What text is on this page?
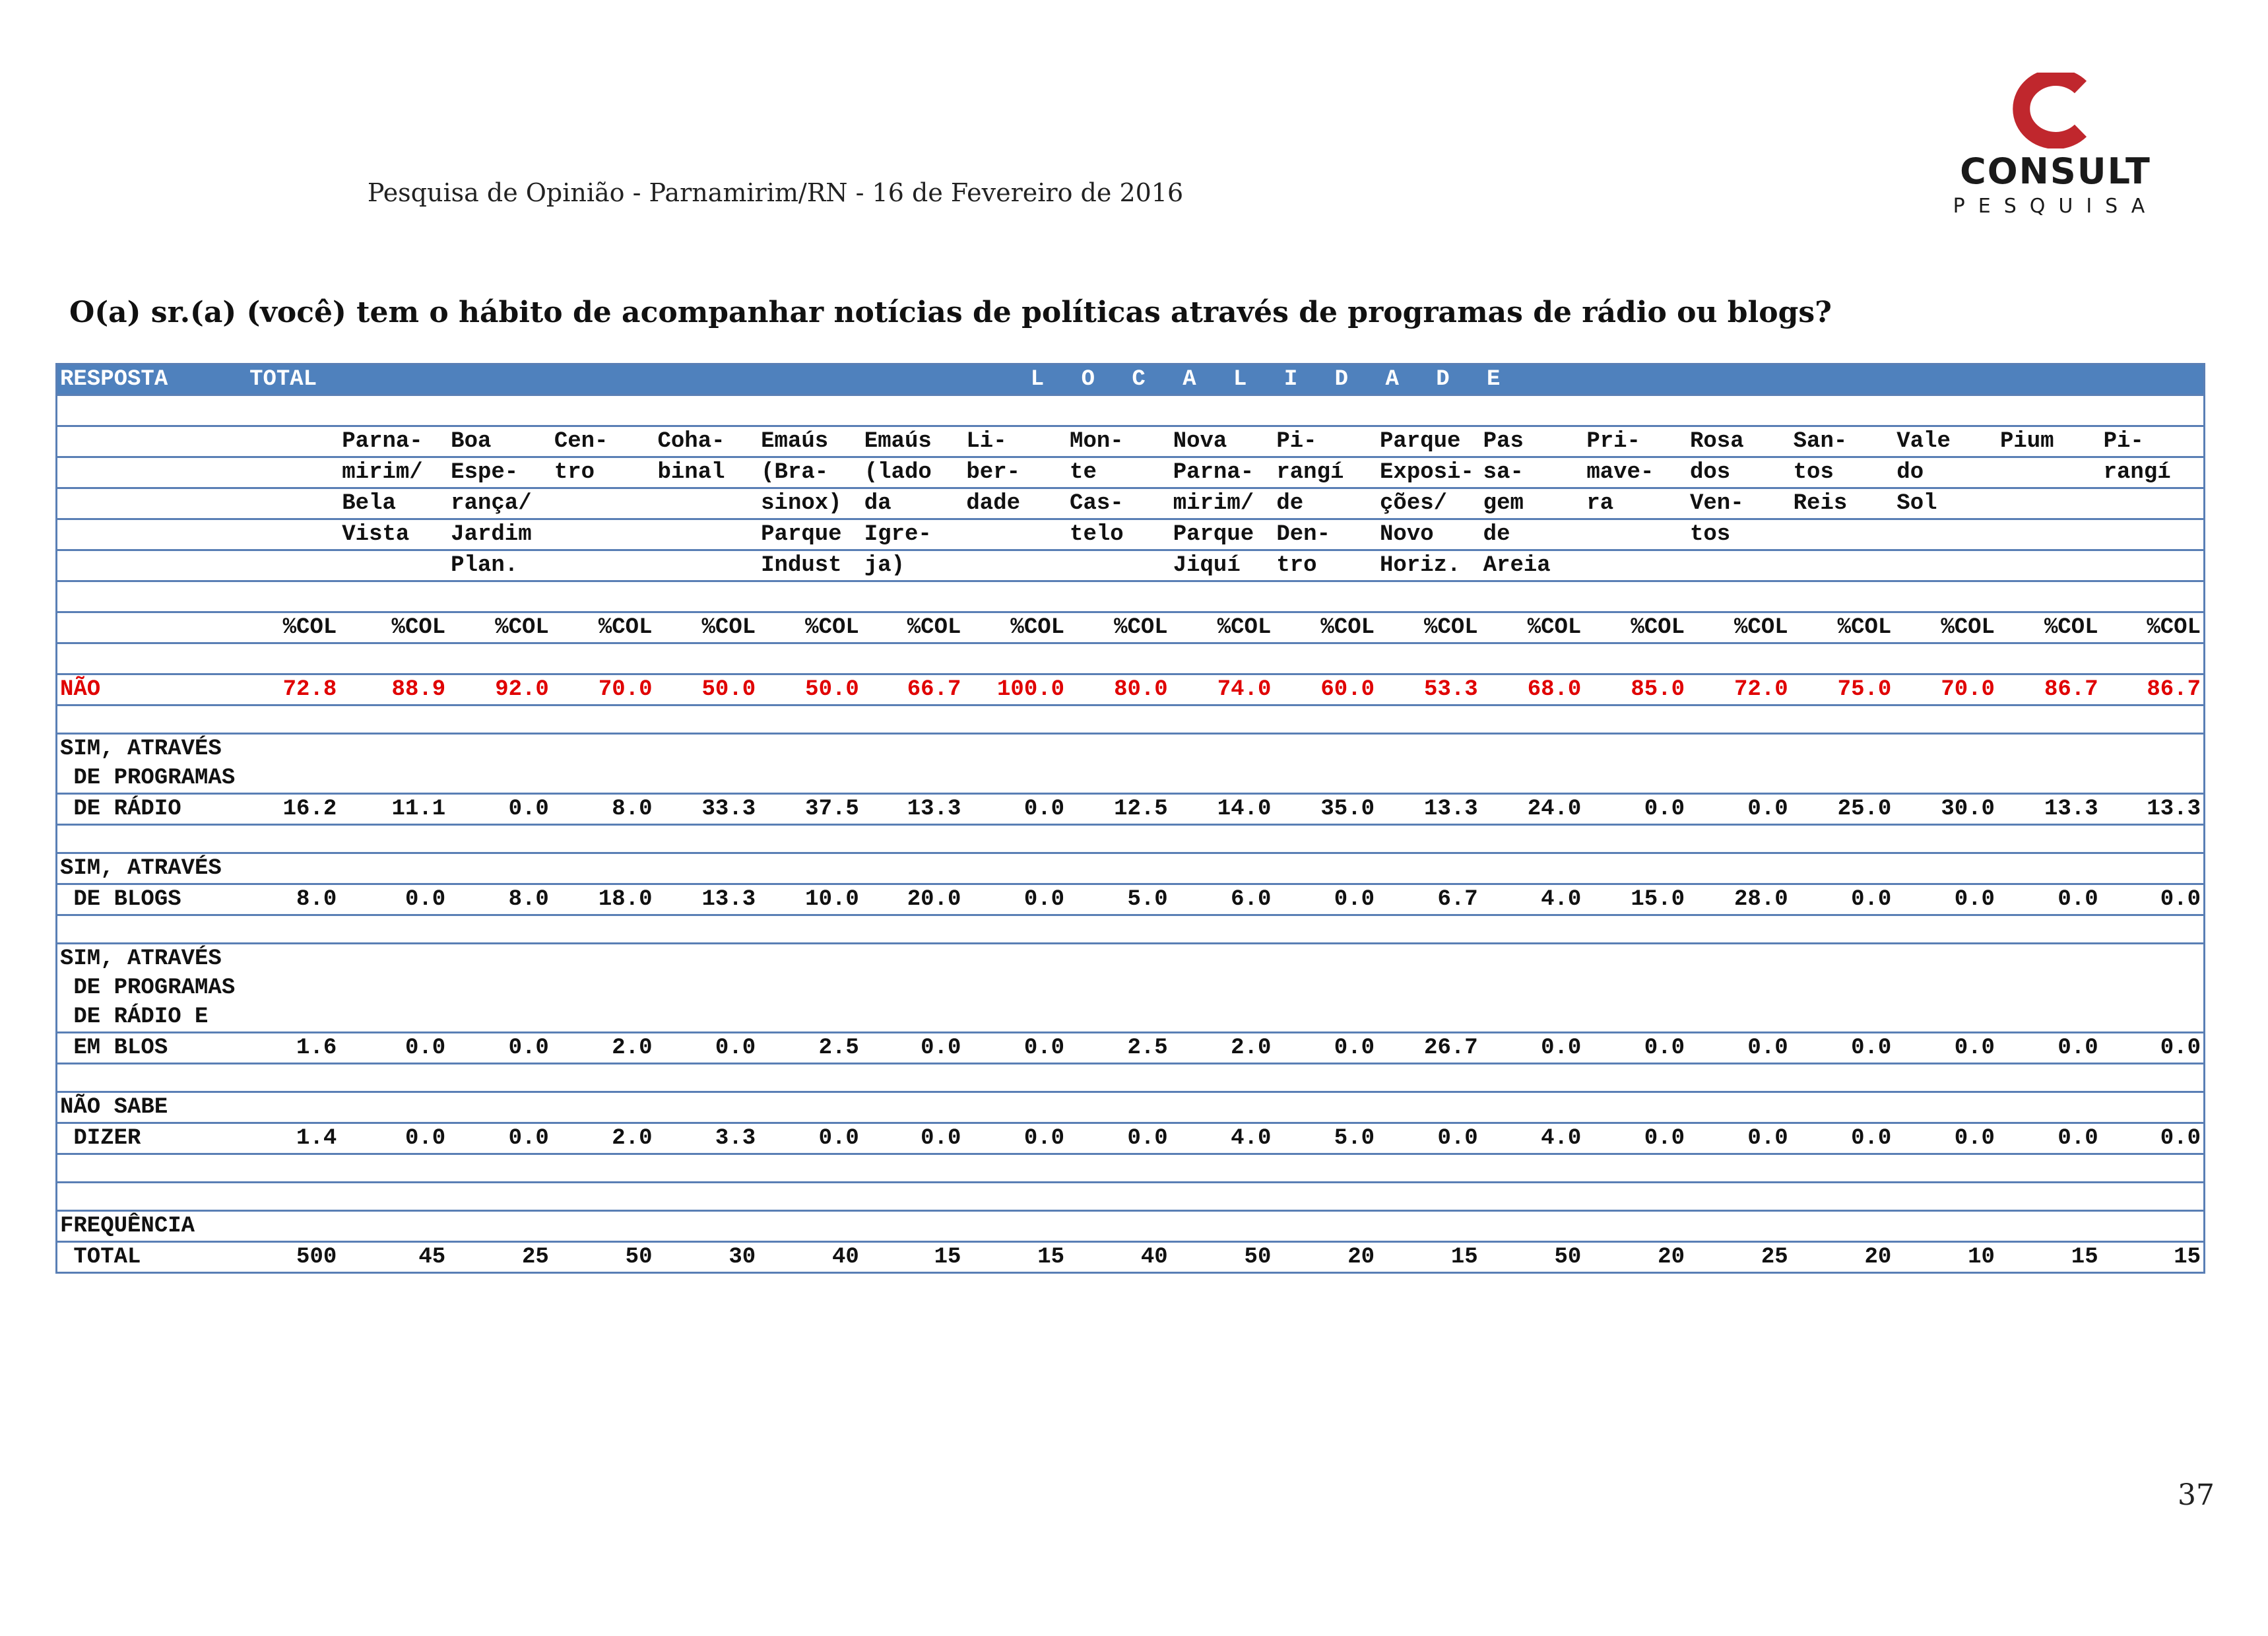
Pesquisa de Opinião - Parnamirim/RN - 16 de Fevereiro de 2016
CONSULT
PESQUISA
O(a) sr.(a) (você) tem o hábito de acompanhar notícias de políticas através de programas de rádio ou blogs?
RESPOSTA	TOTAL	L O C A L I D A D E																	

		Parna-	Boa	Cen-	Coha-	Emaús	Emaús	Li-	Mon-	Nova	Pi-	Parque	Pas	Pri-	Rosa	San-	Vale	Pium	Pi-
		mirim/	Espe-	tro	binal	(Bra-	(lado	ber-	te	Parna-	rangí	Exposi-	sa-	mave-	dos	tos	do		rangí
		Bela	rança/			sinox)	da	dade	Cas-	mirim/	de	ções/	gem	ra	Ven-	Reis	Sol		
		Vista	Jardim			Parque	Igre-		telo	Parque	Den-	Novo	de		tos				
			Plan.			Indust	ja)			Jiquí	tro	Horiz.	Areia						

	%COL	%COL	%COL	%COL	%COL	%COL	%COL	%COL	%COL	%COL	%COL	%COL	%COL	%COL	%COL	%COL	%COL	%COL	%COL

NÃO	72.8	88.9	92.0	70.0	50.0	50.0	66.7	100.0	80.0	74.0	60.0	53.3	68.0	85.0	72.0	75.0	70.0	86.7	86.7

SIM, ATRAVÉS																			
DE PROGRAMAS																			
DE RÁDIO	16.2	11.1	0.0	8.0	33.3	37.5	13.3	0.0	12.5	14.0	35.0	13.3	24.0	0.0	0.0	25.0	30.0	13.3	13.3

SIM, ATRAVÉS																			
DE BLOGS	8.0	0.0	8.0	18.0	13.3	10.0	20.0	0.0	5.0	6.0	0.0	6.7	4.0	15.0	28.0	0.0	0.0	0.0	0.0

SIM, ATRAVÉS																			
DE PROGRAMAS																			
DE RÁDIO E																			
EM BLOS	1.6	0.0	0.0	2.0	0.0	2.5	0.0	0.0	2.5	2.0	0.0	26.7	0.0	0.0	0.0	0.0	0.0	0.0	0.0

NÃO SABE																			
DIZER	1.4	0.0	0.0	2.0	3.3	0.0	0.0	0.0	0.0	4.0	5.0	0.0	4.0	0.0	0.0	0.0	0.0	0.0	0.0

FREQUÊNCIA																			
TOTAL	500	45	25	50	30	40	15	15	40	50	20	15	50	20	25	20	10	15	15
37
